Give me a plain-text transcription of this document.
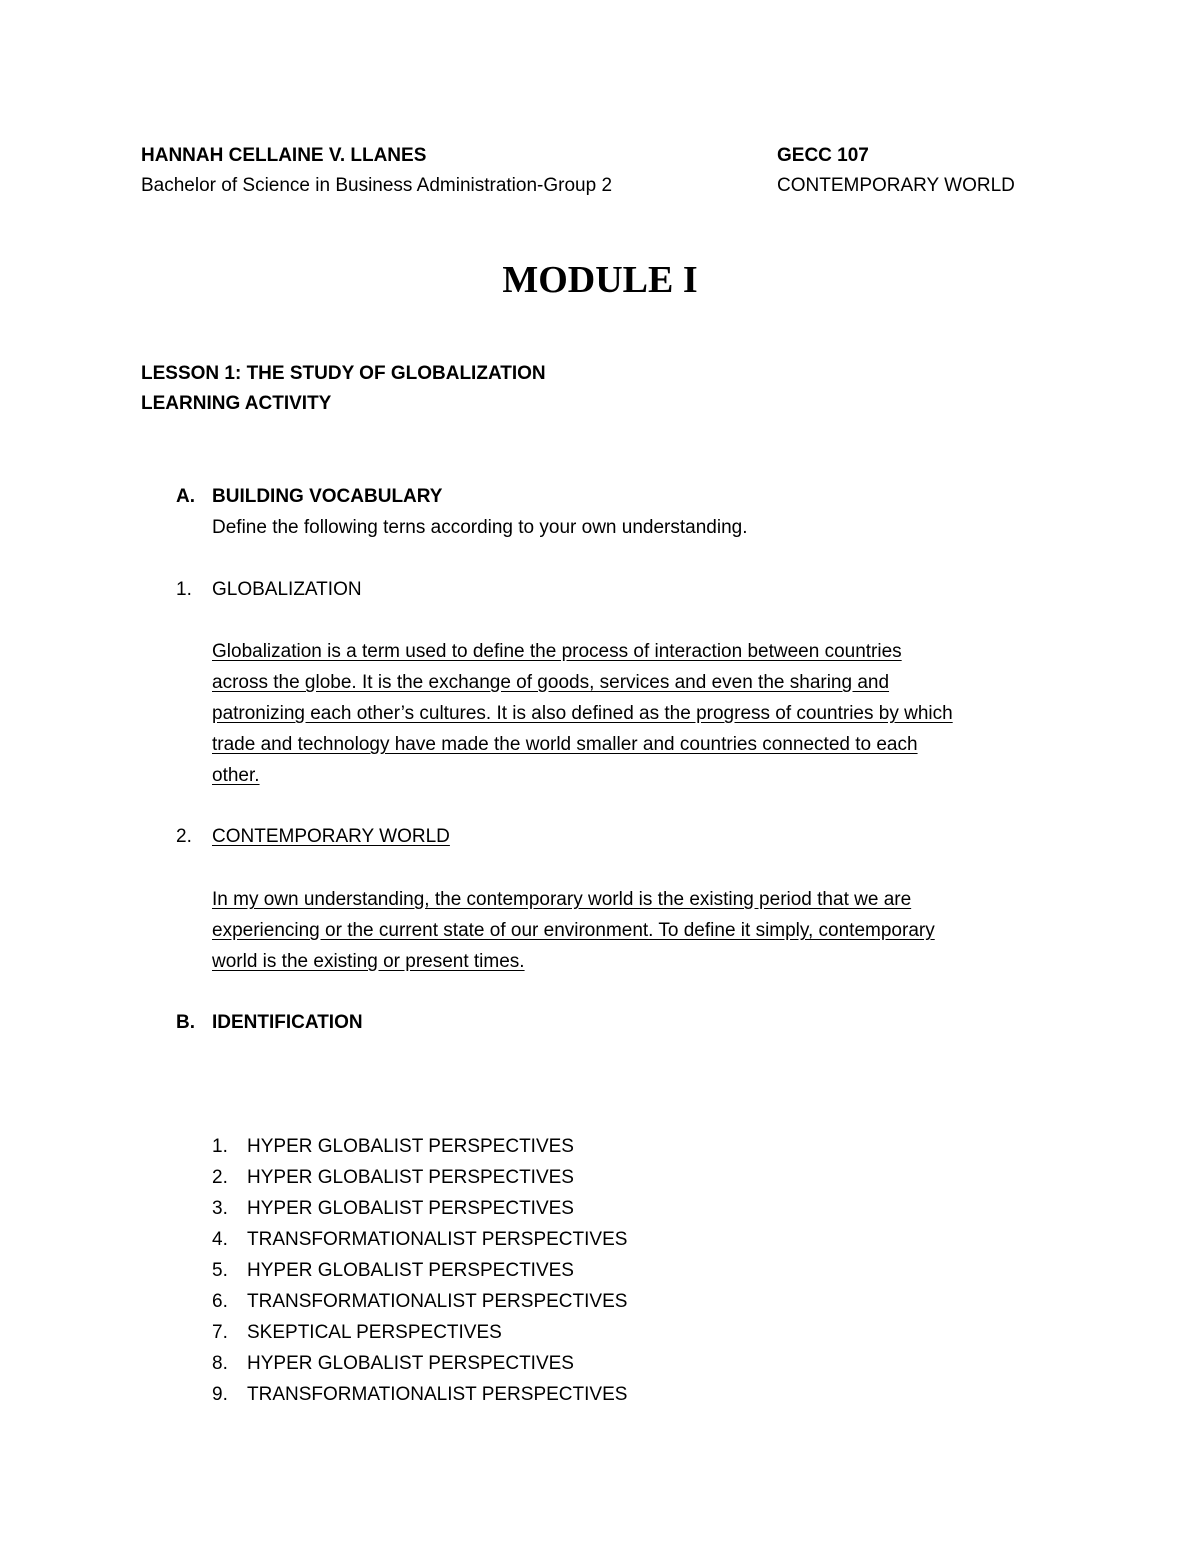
HANNAH CELLAINE V. LLANES
Bachelor of Science in Business Administration-Group 2
GECC 107
CONTEMPORARY WORLD
MODULE I
LESSON 1: THE STUDY OF GLOBALIZATION
LEARNING ACTIVITY
A. BUILDING VOCABULARY
Define the following terns according to your own understanding.
1. GLOBALIZATION
Globalization is a term used to define the process of interaction between countries
across the globe. It is the exchange of goods, services and even the sharing and
patronizing each other’s cultures. It is also defined as the progress of countries by which
trade and technology have made the world smaller and countries connected to each
other.
2. CONTEMPORARY WORLD
In my own understanding, the contemporary world is the existing period that we are
experiencing or the current state of our environment. To define it simply, contemporary
world is the existing or present times.
B. IDENTIFICATION
1.	HYPER GLOBALIST PERSPECTIVES
2.	HYPER GLOBALIST PERSPECTIVES
3.	HYPER GLOBALIST PERSPECTIVES
4.	TRANSFORMATIONALIST PERSPECTIVES
5.	HYPER GLOBALIST PERSPECTIVES
6.	TRANSFORMATIONALIST PERSPECTIVES
7.	SKEPTICAL PERSPECTIVES
8.	HYPER GLOBALIST PERSPECTIVES
9.	TRANSFORMATIONALIST PERSPECTIVES
